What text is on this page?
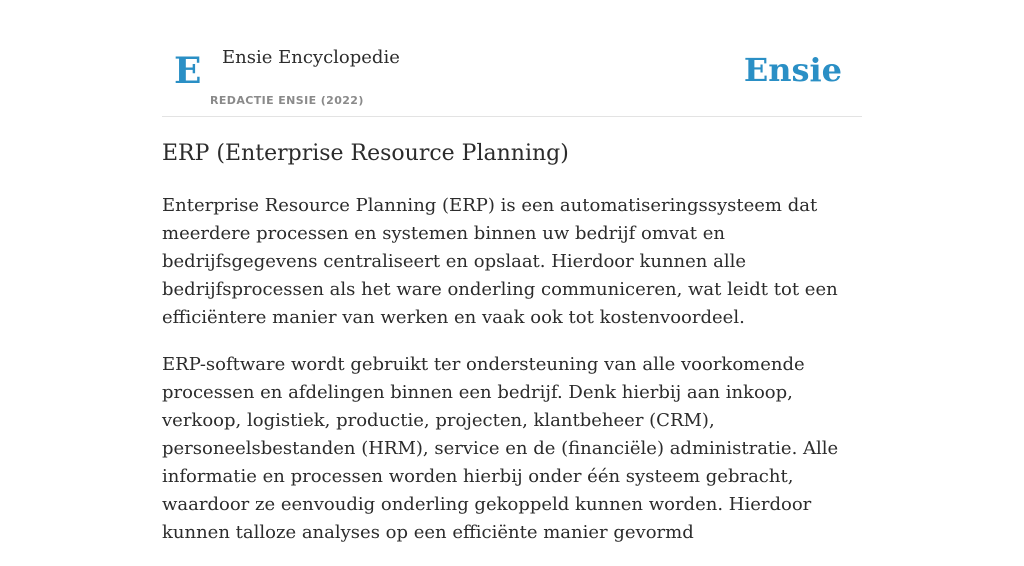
E Ensie Encyclopedie
REDACTIE ENSIE (2022)
Ensie
ERP (Enterprise Resource Planning)

Enterprise Resource Planning (ERP) is een automatiseringssysteem dat meerdere processen en systemen binnen uw bedrijf omvat en bedrijfsgegevens centraliseert en opslaat. Hierdoor kunnen alle bedrijfsprocessen als het ware onderling communiceren, wat leidt tot een efficiëntere manier van werken en vaak ook tot kostenvoordeel.

ERP-software wordt gebruikt ter ondersteuning van alle voorkomende processen en afdelingen binnen een bedrijf. Denk hierbij aan inkoop, verkoop, logistiek, productie, projecten, klantbeheer (CRM), personeelsbestanden (HRM), service en de (financiële) administratie. Alle informatie en processen worden hierbij onder één systeem gebracht, waardoor ze eenvoudig onderling gekoppeld kunnen worden. Hierdoor kunnen talloze analyses op een efficiënte manier gevormd
